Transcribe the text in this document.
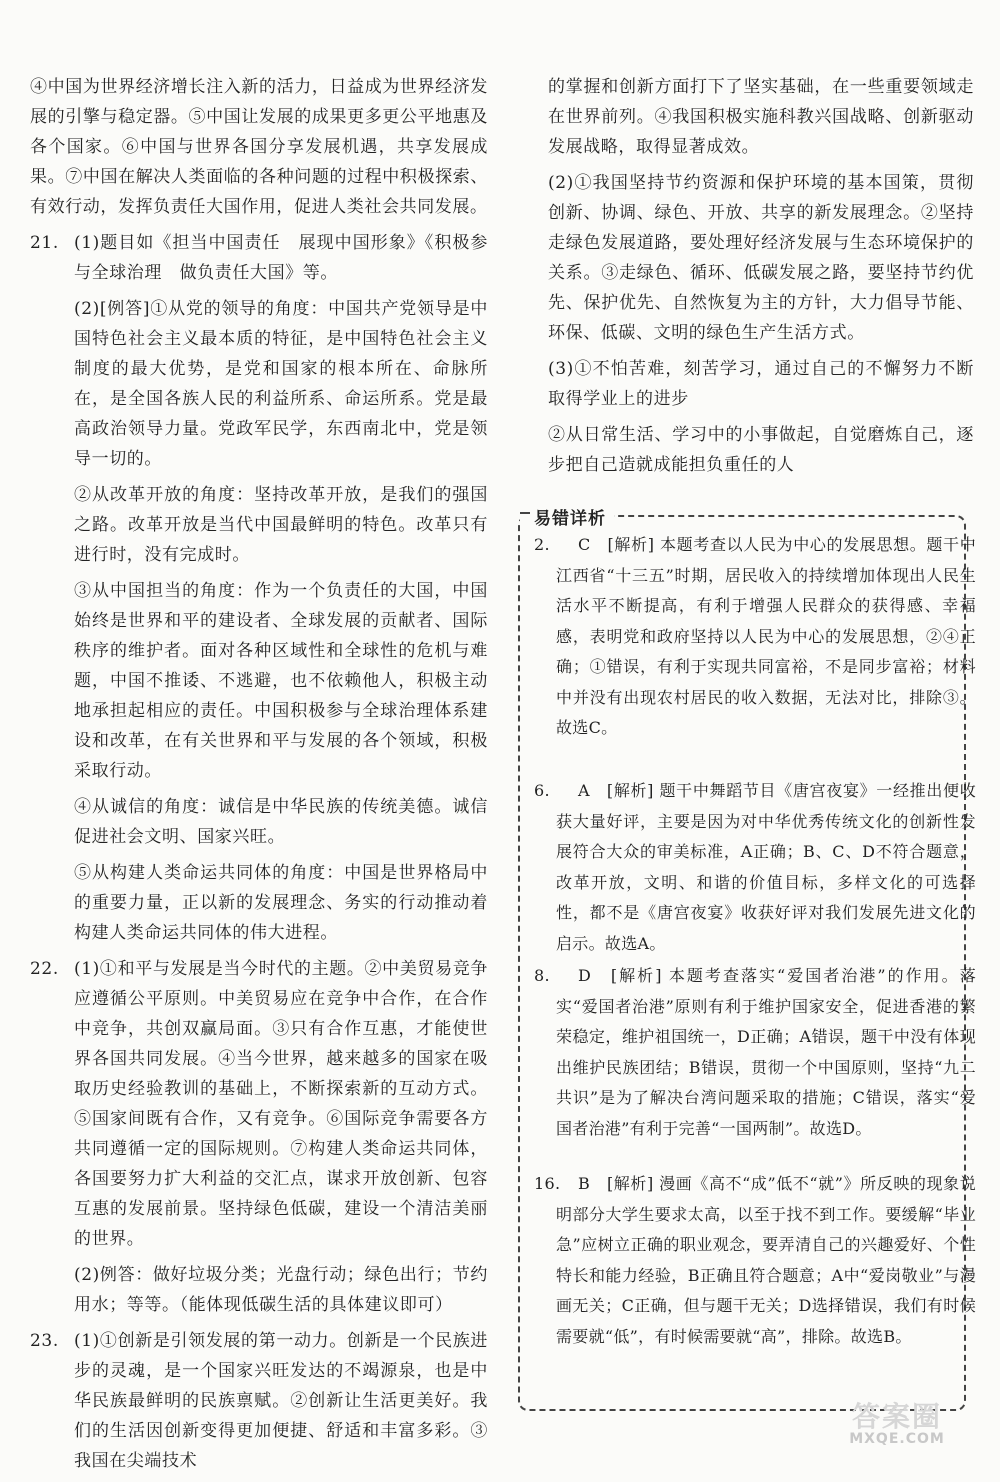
④中国为世界经济增长注入新的活力，日益成为世界经济发展的引擎与稳定器。⑤中国让发展的成果更多更公平地惠及各个国家。⑥中国与世界各国分享发展机遇，共享发展成果。⑦中国在解决人类面临的各种问题的过程中积极探索、有效行动，发挥负责任大国作用，促进人类社会共同发展。

21. (1)题目如《担当中国责任　展现中国形象》《积极参与全球治理　做负责任大国》等。

(2)[例答]①从党的领导的角度：中国共产党领导是中国特色社会主义最本质的特征，是中国特色社会主义制度的最大优势，是党和国家的根本所在、命脉所在，是全国各族人民的利益所系、命运所系。党是最高政治领导力量。党政军民学，东西南北中，党是领导一切的。

②从改革开放的角度：坚持改革开放，是我们的强国之路。改革开放是当代中国最鲜明的特色。改革只有进行时，没有完成时。

③从中国担当的角度：作为一个负责任的大国，中国始终是世界和平的建设者、全球发展的贡献者、国际秩序的维护者。面对各种区域性和全球性的危机与难题，中国不推诿、不逃避，也不依赖他人，积极主动地承担起相应的责任。中国积极参与全球治理体系建设和改革，在有关世界和平与发展的各个领域，积极采取行动。

④从诚信的角度：诚信是中华民族的传统美德。诚信促进社会文明、国家兴旺。

⑤从构建人类命运共同体的角度：中国是世界格局中的重要力量，正以新的发展理念、务实的行动推动着构建人类命运共同体的伟大进程。

22. (1)①和平与发展是当今时代的主题。②中美贸易竞争应遵循公平原则。中美贸易应在竞争中合作，在合作中竞争，共创双赢局面。③只有合作互惠，才能使世界各国共同发展。④当今世界，越来越多的国家在吸取历史经验教训的基础上，不断探索新的互动方式。⑤国家间既有合作，又有竞争。⑥国际竞争需要各方共同遵循一定的国际规则。⑦构建人类命运共同体，各国要努力扩大利益的交汇点，谋求开放创新、包容互惠的发展前景。坚持绿色低碳，建设一个清洁美丽的世界。

(2)例答：做好垃圾分类；光盘行动；绿色出行；节约用水；等等。（能体现低碳生活的具体建议即可）

23. (1)①创新是引领发展的第一动力。创新是一个民族进步的灵魂，是一个国家兴旺发达的不竭源泉，也是中华民族最鲜明的民族禀赋。②创新让生活更美好。我们的生活因创新变得更加便捷、舒适和丰富多彩。③我国在尖端技术

的掌握和创新方面打下了坚实基础，在一些重要领域走在世界前列。④我国积极实施科教兴国战略、创新驱动发展战略，取得显著成效。

(2)①我国坚持节约资源和保护环境的基本国策，贯彻创新、协调、绿色、开放、共享的新发展理念。②坚持走绿色发展道路，要处理好经济发展与生态环境保护的关系。③走绿色、循环、低碳发展之路，要坚持节约优先、保护优先、自然恢复为主的方针，大力倡导节能、环保、低碳、文明的绿色生产生活方式。

(3)①不怕苦难，刻苦学习，通过自己的不懈努力不断取得学业上的进步

②从日常生活、学习中的小事做起，自觉磨炼自己，逐步把自己造就成能担负重任的人

易错详析
2. C　[解析] 本题考查以人民为中心的发展思想。题干中江西省“十三五”时期，居民收入的持续增加体现出人民生活水平不断提高，有利于增强人民群众的获得感、幸福感，表明党和政府坚持以人民为中心的发展思想，②④正确；①错误，有利于实现共同富裕，不是同步富裕；材料中并没有出现农村居民的收入数据，无法对比，排除③。故选C。
6. A　[解析] 题干中舞蹈节目《唐宫夜宴》一经推出便收获大量好评，主要是因为对中华优秀传统文化的创新性发展符合大众的审美标准，A正确；B、C、D不符合题意，改革开放，文明、和谐的价值目标，多样文化的可选择性，都不是《唐宫夜宴》收获好评对我们发展先进文化的启示。故选A。
8. D　[解析] 本题考查落实“爱国者治港”的作用。落实“爱国者治港”原则有利于维护国家安全，促进香港的繁荣稳定，维护祖国统一，D正确；A错误，题干中没有体现出维护民族团结；B错误，贯彻一个中国原则，坚持“九二共识”是为了解决台湾问题采取的措施；C错误，落实“爱国者治港”有利于完善“一国两制”。故选D。
16. B　[解析] 漫画《高不“成”低不“就”》所反映的现象说明部分大学生要求太高，以至于找不到工作。要缓解“毕业急”应树立正确的职业观念，要弄清自己的兴趣爱好、个性特长和能力经验，B正确且符合题意；A中“爱岗敬业”与漫画无关；C正确，但与题干无关；D选择错误，我们有时候需要就“低”，有时候需要就“高”，排除。故选B。
答案圈
MXQE.COM
